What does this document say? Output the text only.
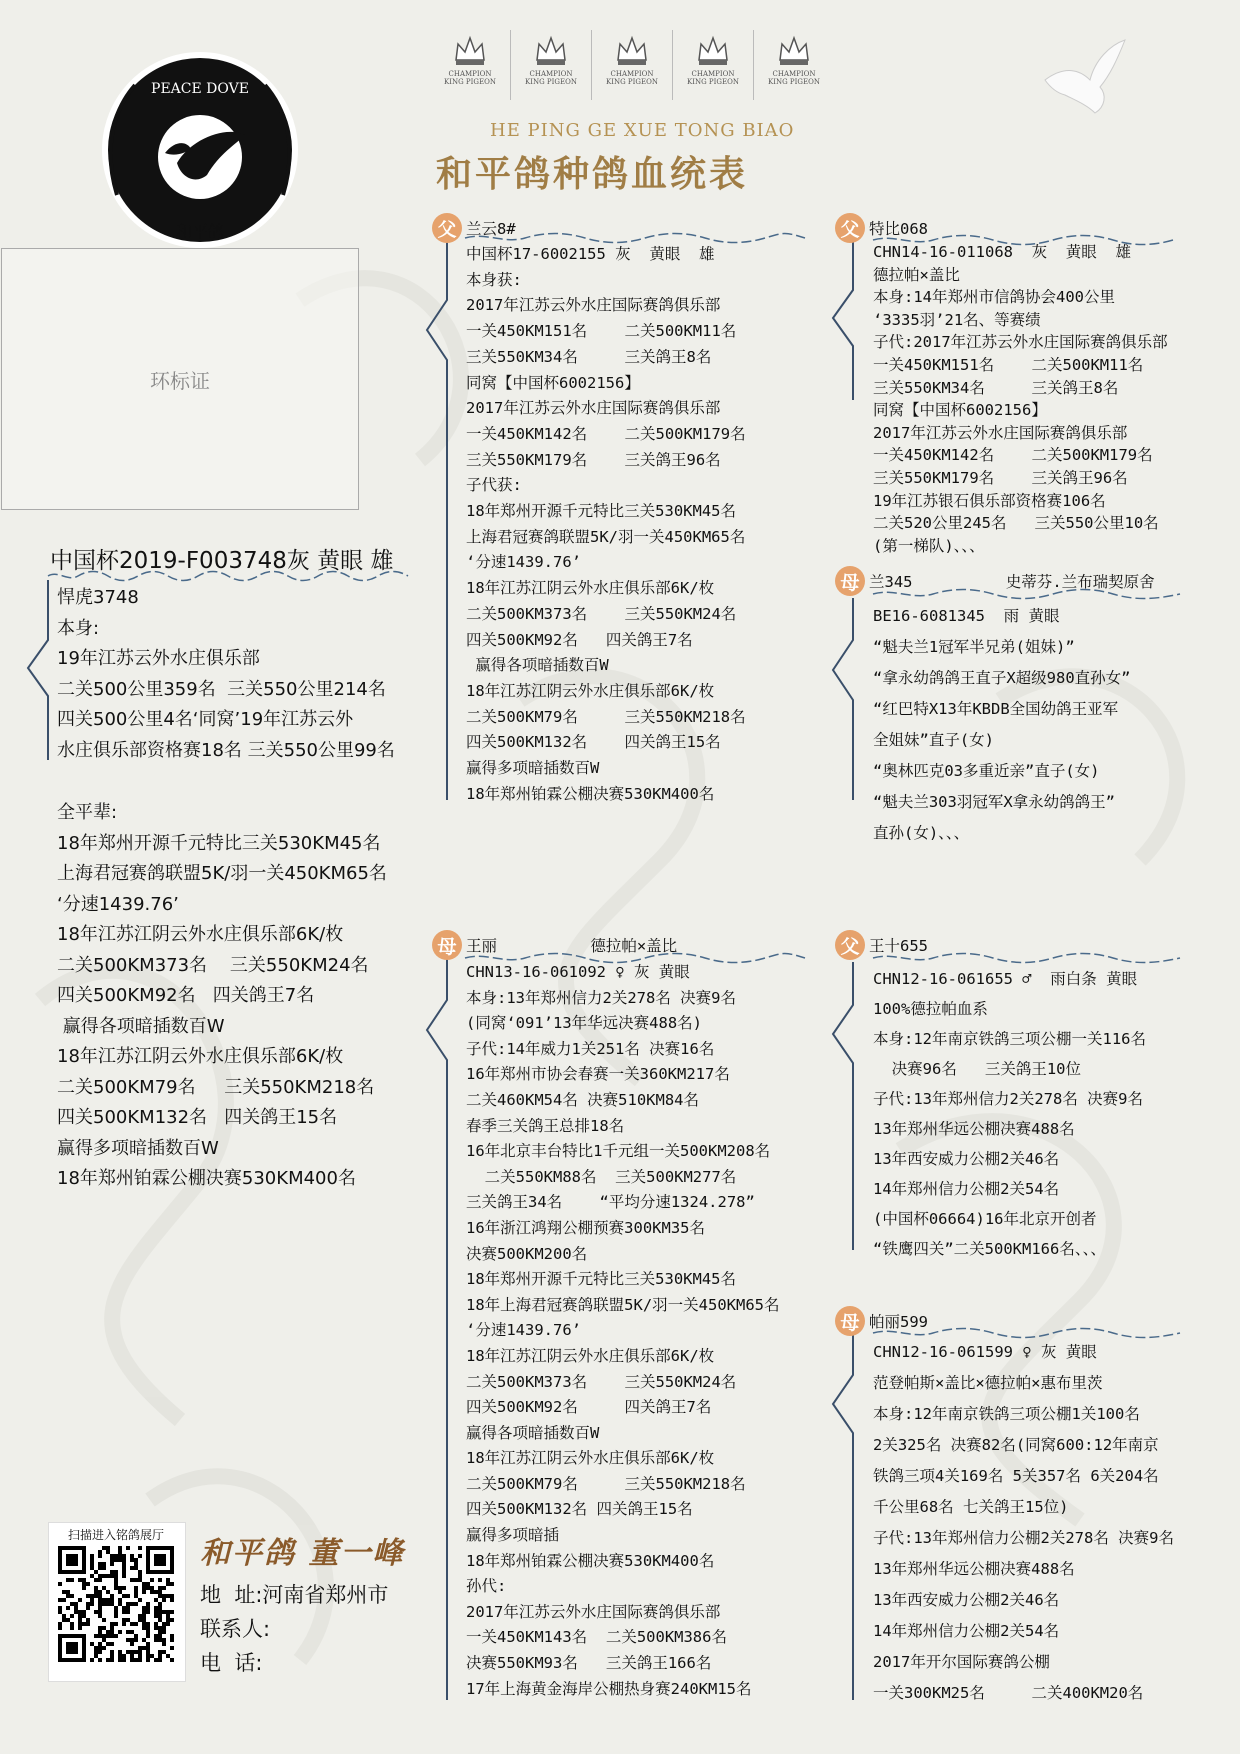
PEACE DOVE
和平鸽
CHAMPION
KING PIGEON
CHAMPION
KING PIGEON
CHAMPION
KING PIGEON
CHAMPION
KING PIGEON
CHAMPION
KING PIGEON
HE PING GE XUE TONG BIAO
和平鸽种鸽血统表
环标证
中国杯2019-F003748灰 黄眼 雄
悍虎3748
本身:
19年江苏云外水庄俱乐部
二关500公里359名  三关550公里214名
四关500公里4名‘同窝’19年江苏云外
水庄俱乐部资格赛18名 三关550公里99名
全平辈:
18年郑州开源千元特比三关530KM45名
上海君冠赛鸽联盟5K/羽一关450KM65名
‘分速1439.76’
18年江苏江阴云外水庄俱乐部6K/枚
二关500KM373名    三关550KM24名
四关500KM92名   四关鸽王7名
赢得各项暗插数百W
18年江苏江阴云外水庄俱乐部6K/枚
二关500KM79名     三关550KM218名
四关500KM132名   四关鸽王15名
赢得多项暗插数百W
18年郑州铂霖公棚决赛530KM400名
父 兰云8#
中国杯17-6002155 灰  黄眼  雄
本身获:
2017年江苏云外水庄国际赛鸽俱乐部
一关450KM151名    二关500KM11名
三关550KM34名     三关鸽王8名
同窝【中国杯6002156】
2017年江苏云外水庄国际赛鸽俱乐部
一关450KM142名    二关500KM179名
三关550KM179名    三关鸽王96名
子代获:
18年郑州开源千元特比三关530KM45名
上海君冠赛鸽联盟5K/羽一关450KM65名
‘分速1439.76’
18年江苏江阴云外水庄俱乐部6K/枚
二关500KM373名    三关550KM24名
四关500KM92名   四关鸽王7名
赢得各项暗插数百W
18年江苏江阴云外水庄俱乐部6K/枚
二关500KM79名     三关550KM218名
四关500KM132名    四关鸽王15名
赢得多项暗插数百W
18年郑州铂霖公棚决赛530KM400名
母 王丽          德拉帕×盖比
CHN13-16-061092 ♀ 灰 黄眼
本身:13年郑州信力2关278名 决赛9名
(同窝‘091’13年华远决赛488名)
子代:14年威力1关251名 决赛16名
16年郑州市协会春赛一关360KM217名
二关460KM54名 决赛510KM84名
春季三关鸽王总排18名
16年北京丰台特比1千元组一关500KM208名
二关550KM88名  三关500KM277名
三关鸽王34名    “平均分速1324.278”
16年浙江鸿翔公棚预赛300KM35名
决赛500KM200名
18年郑州开源千元特比三关530KM45名
18年上海君冠赛鸽联盟5K/羽一关450KM65名
‘分速1439.76’
18年江苏江阴云外水庄俱乐部6K/枚
二关500KM373名    三关550KM24名
四关500KM92名     四关鸽王7名
赢得各项暗插数百W
18年江苏江阴云外水庄俱乐部6K/枚
二关500KM79名     三关550KM218名
四关500KM132名 四关鸽王15名
赢得多项暗插
18年郑州铂霖公棚决赛530KM400名
孙代:
2017年江苏云外水庄国际赛鸽俱乐部
一关450KM143名  二关500KM386名
决赛550KM93名   三关鸽王166名
17年上海黄金海岸公棚热身赛240KM15名
父 特比068
CHN14-16-011068  灰  黄眼  雄
德拉帕×盖比
本身:14年郑州市信鸽协会400公里
‘3335羽’21名、等赛绩
子代:2017年江苏云外水庄国际赛鸽俱乐部
一关450KM151名    二关500KM11名
三关550KM34名     三关鸽王8名
同窝【中国杯6002156】
2017年江苏云外水庄国际赛鸽俱乐部
一关450KM142名    二关500KM179名
三关550KM179名    三关鸽王96名
19年江苏银石俱乐部资格赛106名
二关520公里245名   三关550公里10名
(第一梯队)、、、
母 兰345          史蒂芬.兰布瑞契原舍
BE16-6081345  雨 黄眼
“魁夫兰1冠军半兄弟(姐妹)”
“拿永幼鸽鸽王直子X超级980直孙女”
“红巴特X13年KBDB全国幼鸽王亚军
全姐妹”直子(女)
“奥林匹克03多重近亲”直子(女)
“魁夫兰303羽冠军X拿永幼鸽鸽王”
直孙(女)、、、
父 王十655
CHN12-16-061655 ♂  雨白条 黄眼
100%德拉帕血系
本身:12年南京铁鸽三项公棚一关116名
决赛96名   三关鸽王10位
子代:13年郑州信力2关278名 决赛9名
13年郑州华远公棚决赛488名
13年西安威力公棚2关46名
14年郑州信力公棚2关54名
(中国杯06664)16年北京开创者
“铁鹰四关”二关500KM166名、、、
母 帕丽599
CHN12-16-061599 ♀ 灰 黄眼
范登帕斯×盖比×德拉帕×惠布里茨
本身:12年南京铁鸽三项公棚1关100名
2关325名 决赛82名(同窝600:12年南京
铁鸽三项4关169名 5关357名 6关204名
千公里68名 七关鸽王15位)
子代:13年郑州信力公棚2关278名 决赛9名
13年郑州华远公棚决赛488名
13年西安威力公棚2关46名
14年郑州信力公棚2关54名
2017年开尔国际赛鸽公棚
一关300KM25名     二关400KM20名
扫描进入铭鸽展厅
和平鸽 董一峰
地  址:河南省郑州市
联系人:
电  话:
